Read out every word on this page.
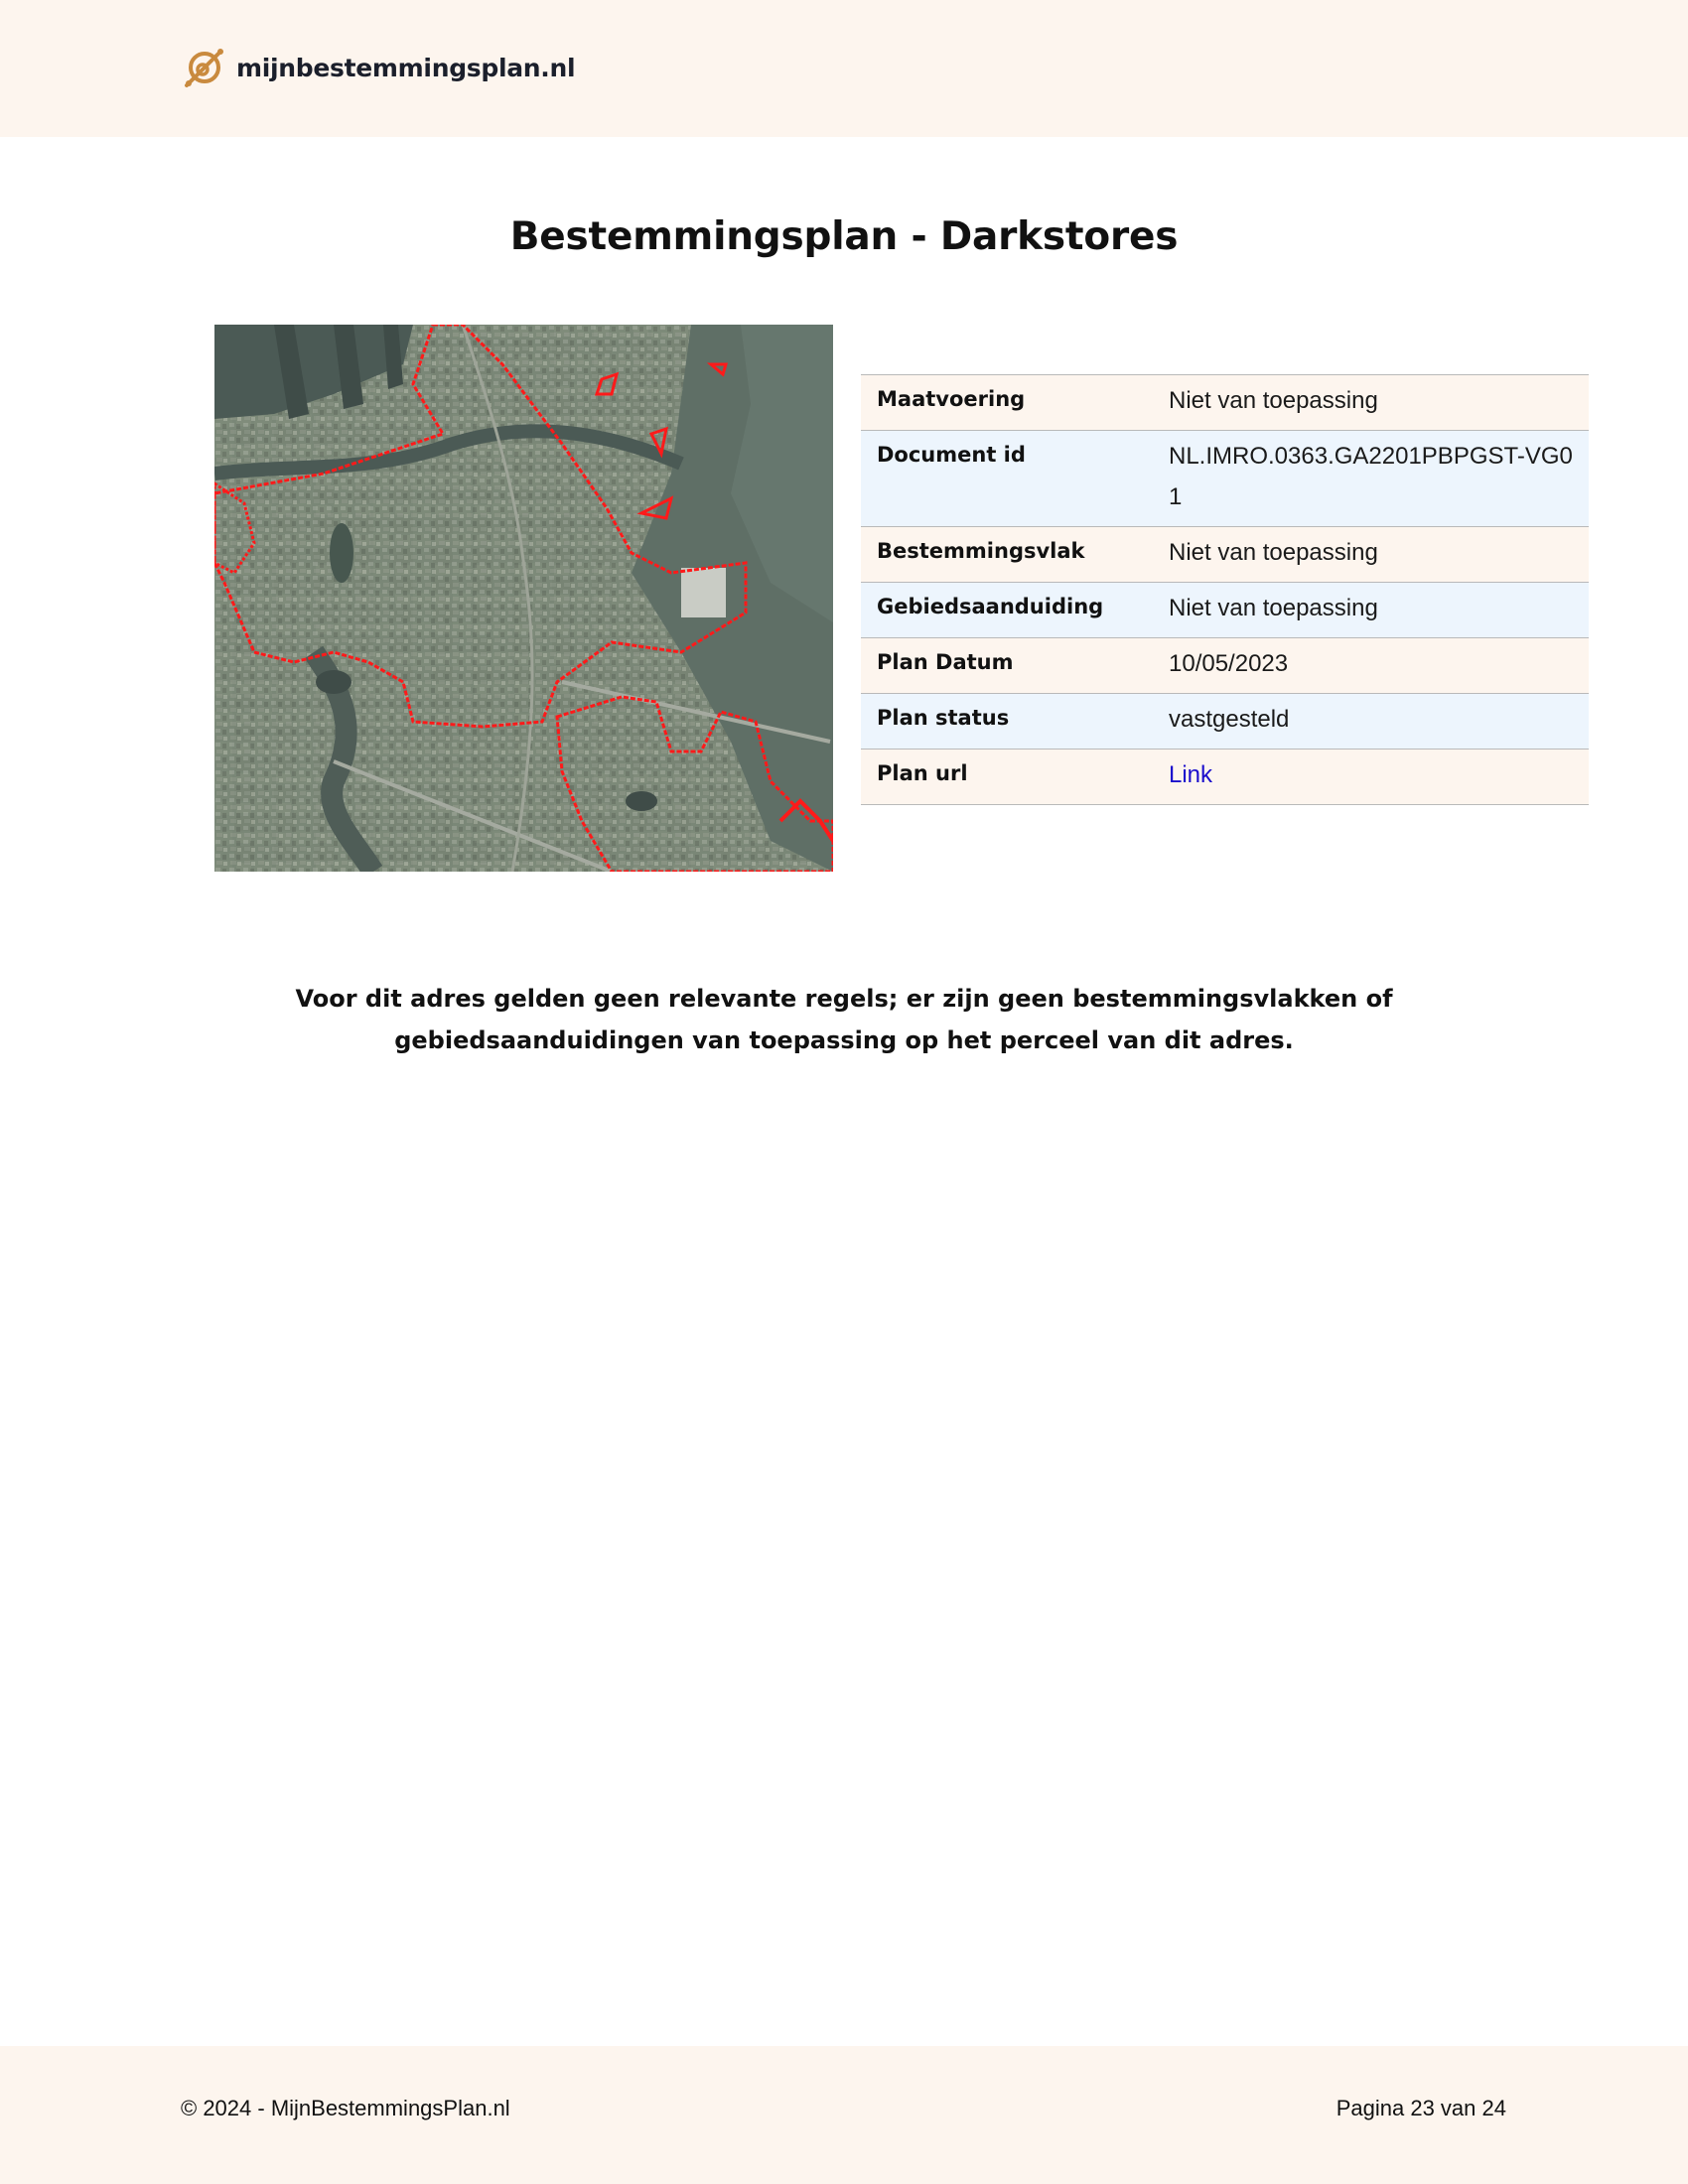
mijnbestemmingsplan.nl
Bestemmingsplan - Darkstores
Maatvoering	Niet van toepassing
Document id	NL.IMRO.0363.GA2201PBPGST-VG01
Bestemmingsvlak	Niet van toepassing
Gebiedsaanduiding	Niet van toepassing
Plan Datum	10/05/2023
Plan status	vastgesteld
Plan url	Link
Voor dit adres gelden geen relevante regels; er zijn geen bestemmingsvlakken of
gebiedsaanduidingen van toepassing op het perceel van dit adres.
© 2024 - MijnBestemmingsPlan.nl	Pagina 23 van 24
